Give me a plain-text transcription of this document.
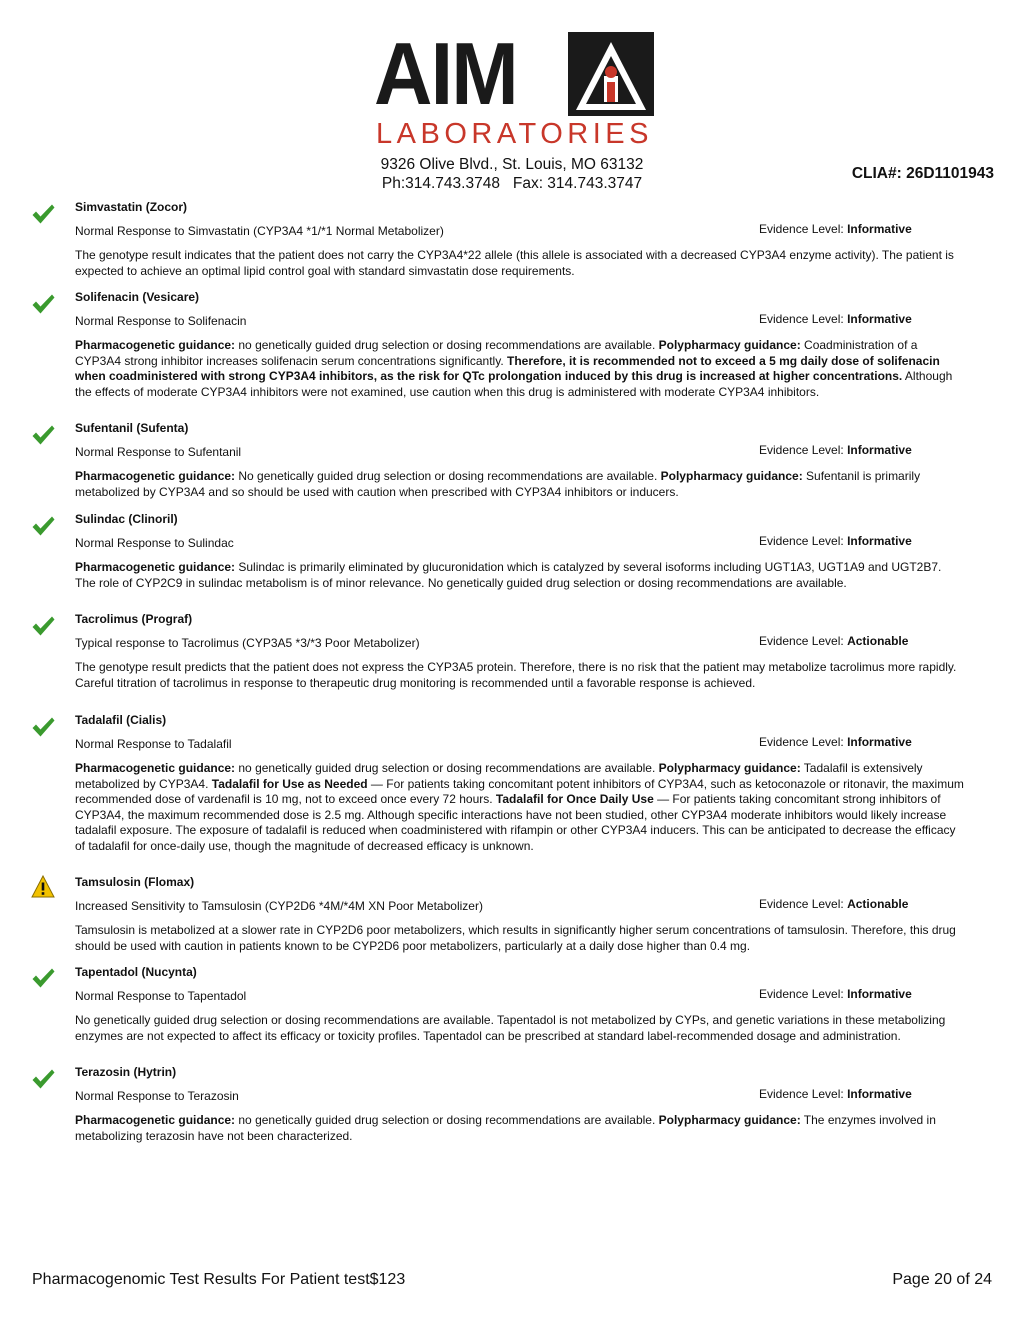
AIM
LABORATORIES
9326 Olive Blvd., St. Louis, MO 63132
Ph:314.743.3748   Fax: 314.743.3747
CLIA#: 26D1101943
Simvastatin (Zocor)
Normal Response to Simvastatin (CYP3A4 *1/*1 Normal Metabolizer)	Evidence Level: Informative
The genotype result indicates that the patient does not carry the CYP3A4*22 allele (this allele is associated with a decreased CYP3A4 enzyme activity). The patient is expected to achieve an optimal lipid control goal with standard simvastatin dose requirements.
Solifenacin (Vesicare)
Normal Response to Solifenacin	Evidence Level: Informative
Pharmacogenetic guidance: no genetically guided drug selection or dosing recommendations are available. Polypharmacy guidance: Coadministration of a CYP3A4 strong inhibitor increases solifenacin serum concentrations significantly. Therefore, it is recommended not to exceed a 5 mg daily dose of solifenacin when coadministered with strong CYP3A4 inhibitors, as the risk for QTc prolongation induced by this drug is increased at higher concentrations. Although the effects of moderate CYP3A4 inhibitors were not examined, use caution when this drug is administered with moderate CYP3A4 inhibitors.
Sufentanil (Sufenta)
Normal Response to Sufentanil	Evidence Level: Informative
Pharmacogenetic guidance: No genetically guided drug selection or dosing recommendations are available. Polypharmacy guidance: Sufentanil is primarily metabolized by CYP3A4 and so should be used with caution when prescribed with CYP3A4 inhibitors or inducers.
Sulindac (Clinoril)
Normal Response to Sulindac	Evidence Level: Informative
Pharmacogenetic guidance: Sulindac is primarily eliminated by glucuronidation which is catalyzed by several isoforms including UGT1A3, UGT1A9 and UGT2B7. The role of CYP2C9 in sulindac metabolism is of minor relevance. No genetically guided drug selection or dosing recommendations are available.
Tacrolimus (Prograf)
Typical response to Tacrolimus (CYP3A5 *3/*3 Poor Metabolizer)	Evidence Level: Actionable
The genotype result predicts that the patient does not express the CYP3A5 protein. Therefore, there is no risk that the patient may metabolize tacrolimus more rapidly. Careful titration of tacrolimus in response to therapeutic drug monitoring is recommended until a favorable response is achieved.
Tadalafil (Cialis)
Normal Response to Tadalafil	Evidence Level: Informative
Pharmacogenetic guidance: no genetically guided drug selection or dosing recommendations are available. Polypharmacy guidance: Tadalafil is extensively metabolized by CYP3A4. Tadalafil for Use as Needed — For patients taking concomitant potent inhibitors of CYP3A4, such as ketoconazole or ritonavir, the maximum recommended dose of vardenafil is 10 mg, not to exceed once every 72 hours. Tadalafil for Once Daily Use — For patients taking concomitant strong inhibitors of CYP3A4, the maximum recommended dose is 2.5 mg. Although specific interactions have not been studied, other CYP3A4 moderate inhibitors would likely increase tadalafil exposure. The exposure of tadalafil is reduced when coadministered with rifampin or other CYP3A4 inducers. This can be anticipated to decrease the efficacy of tadalafil for once-daily use, though the magnitude of decreased efficacy is unknown.
Tamsulosin (Flomax)
Increased Sensitivity to Tamsulosin (CYP2D6 *4M/*4M XN Poor Metabolizer)	Evidence Level: Actionable
Tamsulosin is metabolized at a slower rate in CYP2D6 poor metabolizers, which results in significantly higher serum concentrations of tamsulosin. Therefore, this drug should be used with caution in patients known to be CYP2D6 poor metabolizers, particularly at a daily dose higher than 0.4 mg.
Tapentadol (Nucynta)
Normal Response to Tapentadol	Evidence Level: Informative
No genetically guided drug selection or dosing recommendations are available. Tapentadol is not metabolized by CYPs, and genetic variations in these metabolizing enzymes are not expected to affect its efficacy or toxicity profiles. Tapentadol can be prescribed at standard label-recommended dosage and administration.
Terazosin (Hytrin)
Normal Response to Terazosin	Evidence Level: Informative
Pharmacogenetic guidance: no genetically guided drug selection or dosing recommendations are available. Polypharmacy guidance: The enzymes involved in metabolizing terazosin have not been characterized.
Pharmacogenomic Test Results For Patient test$123	Page 20 of 24
